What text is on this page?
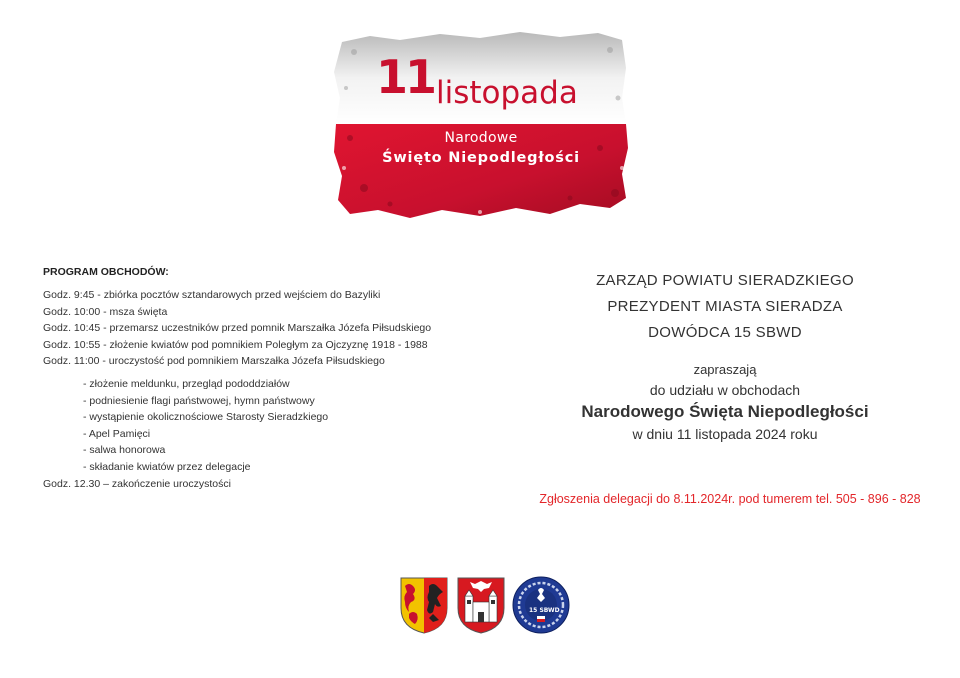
11 listopada
Narodowe
Święto Niepodległości
PROGRAM OBCHODÓW:
Godz. 9:45 - zbiórka pocztów sztandarowych przed wejściem do Bazyliki
Godz. 10:00 - msza święta
Godz. 10:45 - przemarsz uczestników przed pomnik Marszałka Józefa Piłsudskiego
Godz. 10:55 - złożenie kwiatów pod pomnikiem Poległym za Ojczyznę 1918 - 1988
Godz. 11:00 - uroczystość pod pomnikiem Marszałka Józefa Piłsudskiego
- złożenie meldunku, przegląd pododdziałów
- podniesienie flagi państwowej, hymn państwowy
- wystąpienie okolicznościowe Starosty Sieradzkiego
- Apel Pamięci
- salwa honorowa
- składanie kwiatów przez delegacje
Godz. 12.30 – zakończenie uroczystości
ZARZĄD POWIATU SIERADZKIEGO
PREZYDENT MIASTA SIERADZA
DOWÓDCA 15 SBWD
zapraszają
do udziału w obchodach
Narodowego Święta Niepodległości
w dniu 11 listopada 2024 roku
Zgłoszenia delegacji do 8.11.2024r. pod tumerem tel. 505 - 896 - 828
15 SBWD
